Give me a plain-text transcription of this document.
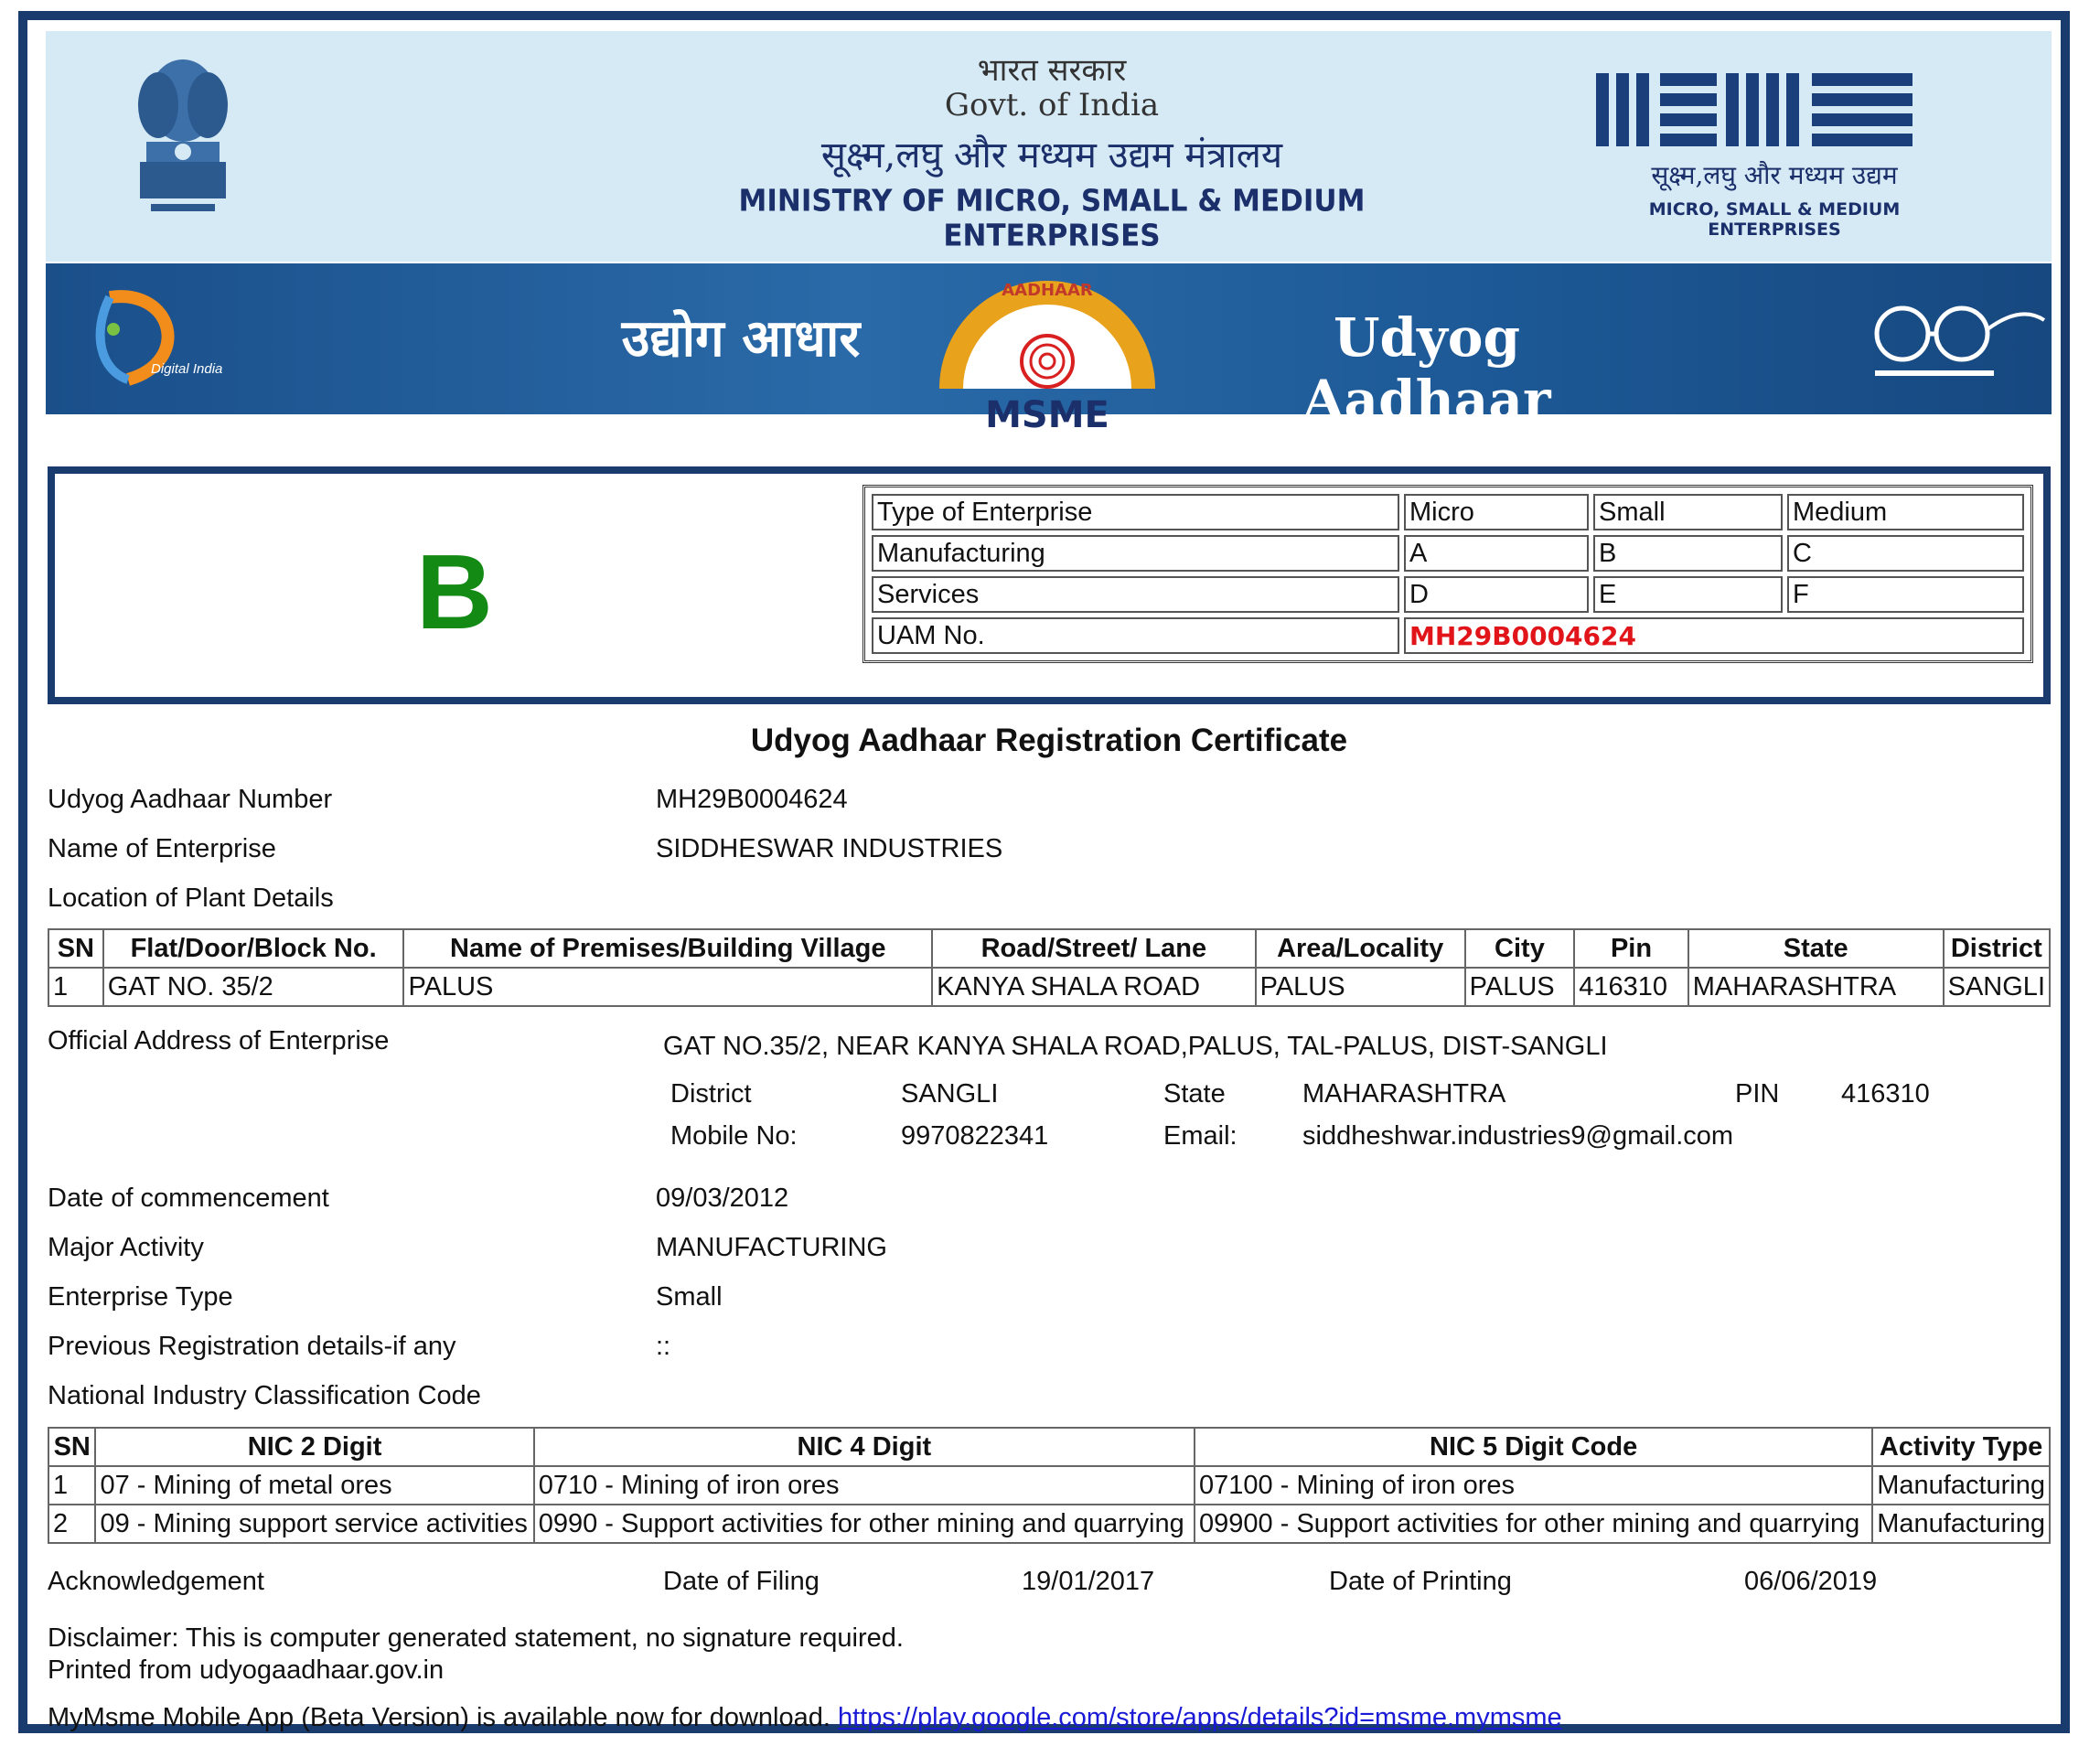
भारत सरकार
Govt. of India
सूक्ष्म,लघु और मध्यम उद्यम मंत्रालय
MINISTRY OF MICRO, SMALL & MEDIUM ENTERPRISES
सूक्ष्म,लघु और मध्यम उद्यम
MICRO, SMALL & MEDIUM ENTERPRISES
Digital India
उद्योग आधार
AADHAAR
MSME
Udyog Aadhaar
B
Type of Enterprise	Micro	Small	Medium
Manufacturing	A	B	C
Services	D	E	F
UAM No.	MH29B0004624		
Udyog Aadhaar Registration Certificate
Udyog Aadhaar Number	MH29B0004624
Name of Enterprise	SIDDHESWAR INDUSTRIES
Location of Plant Details
SN	Flat/Door/Block No.	Name of Premises/Building Village	Road/Street/ Lane	Area/Locality	City	Pin	State	District
1	GAT NO. 35/2	PALUS	KANYA SHALA ROAD	PALUS	PALUS	416310	MAHARASHTRA	SANGLI
Official Address of Enterprise	GAT NO.35/2, NEAR KANYA SHALA ROAD,PALUS, TAL-PALUS, DIST-SANGLI
District	SANGLI	State	MAHARASHTRA	PIN 416310
Mobile No:	9970822341	Email: siddheshwar.industries9@gmail.com
Date of commencement	09/03/2012
Major Activity	MANUFACTURING
Enterprise Type	Small
Previous Registration details-if any	::
National Industry Classification Code
SN	NIC 2 Digit	NIC 4 Digit	NIC 5 Digit Code	Activity Type
1	07 - Mining of metal ores	0710 - Mining of iron ores	07100 - Mining of iron ores	Manufacturing
2	09 - Mining support service activities	0990 - Support activities for other mining and quarrying	09900 - Support activities for other mining and quarrying	Manufacturing
Acknowledgement	Date of Filing	19/01/2017	Date of Printing	06/06/2019
Disclaimer: This is computer generated statement, no signature required.
Printed from udyogaadhaar.gov.in
MyMsme Mobile App (Beta Version) is available now for download. https://play.google.com/store/apps/details?id=msme.mymsme
